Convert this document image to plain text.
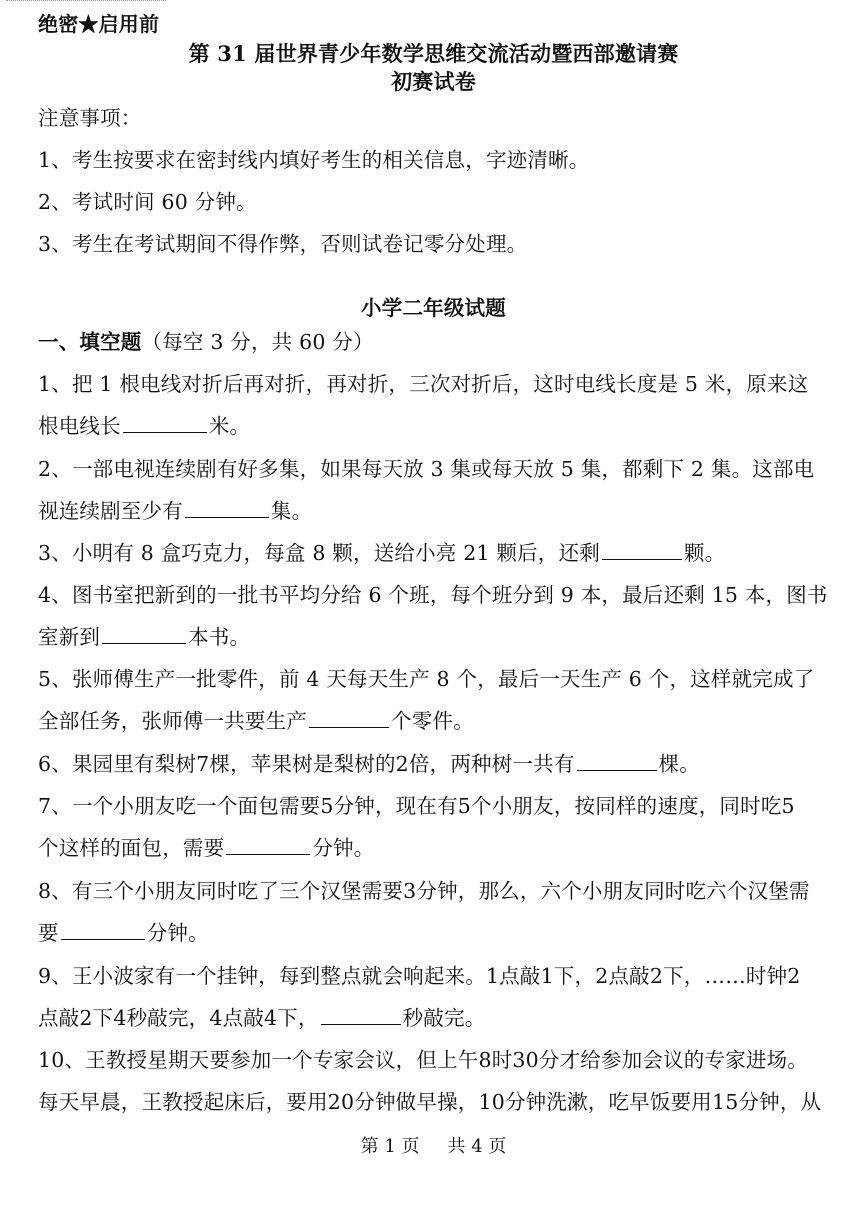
绝密★启用前
第 31 届世界青少年数学思维交流活动暨西部邀请赛
初赛试卷
注意事项：
1、考生按要求在密封线内填好考生的相关信息，字迹清晰。
2、考试时间 60 分钟。
3、考生在考试期间不得作弊，否则试卷记零分处理。
小学二年级试题
一、填空题（每空 3 分，共 60 分）
1、把 1 根电线对折后再对折，再对折，三次对折后，这时电线长度是 5 米，原来这
根电线长	米。
2、一部电视连续剧有好多集，如果每天放 3 集或每天放 5 集，都剩下 2 集。这部电
视连续剧至少有	集。
3、小明有 8 盒巧克力，每盒 8 颗，送给小亮 21 颗后，还剩	颗。
4、图书室把新到的一批书平均分给 6 个班，每个班分到 9 本，最后还剩 15 本，图书
室新到	本书。
5、张师傅生产一批零件，前 4 天每天生产 8 个，最后一天生产 6 个，这样就完成了
全部任务，张师傅一共要生产	个零件。
6、果园里有梨树7棵，苹果树是梨树的2倍，两种树一共有	棵。
7、一个小朋友吃一个面包需要5分钟，现在有5个小朋友，按同样的速度，同时吃5
个这样的面包，需要	分钟。
8、有三个小朋友同时吃了三个汉堡需要3分钟，那么，六个小朋友同时吃六个汉堡需
要	分钟。
9、王小波家有一个挂钟，每到整点就会响起来。1点敲1下，2点敲2下，……时钟2
点敲2下4秒敲完，4点敲4下，	秒敲完。
10、王教授星期天要参加一个专家会议，但上午8时30分才给参加会议的专家进场。
每天早晨，王教授起床后，要用20分钟做早操，10分钟洗漱，吃早饭要用15分钟，从
第 1 页 共 4 页
